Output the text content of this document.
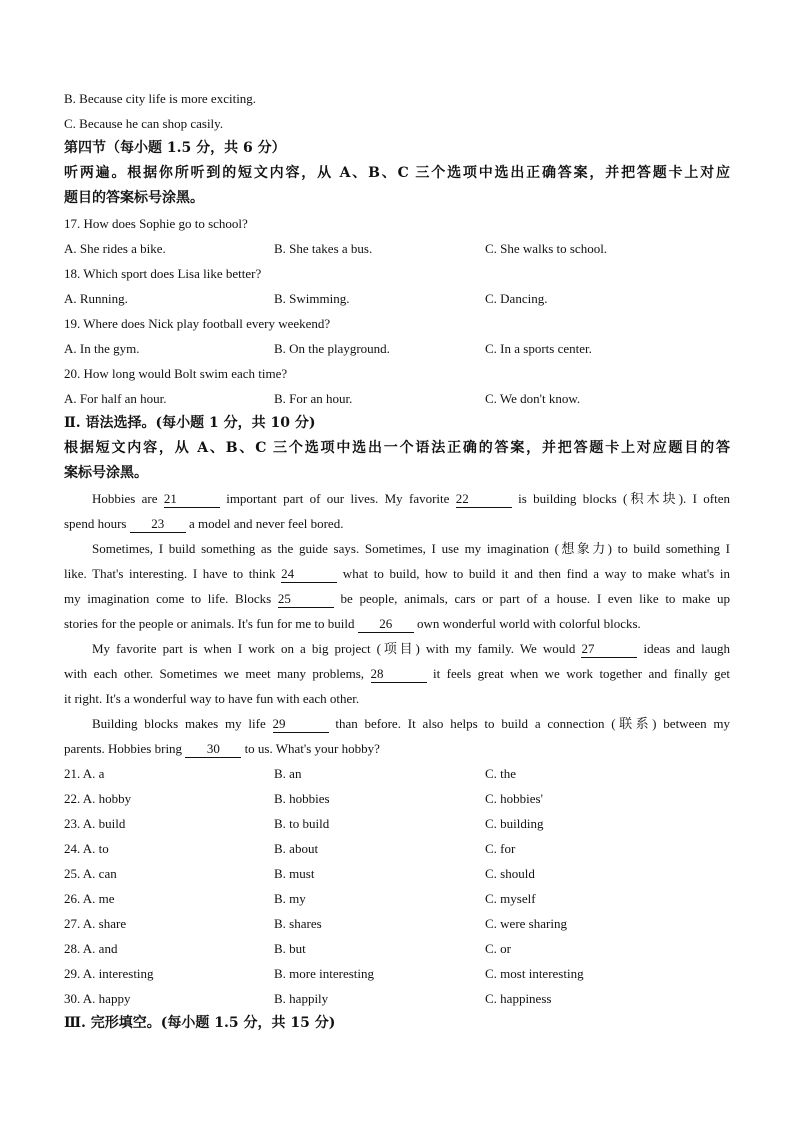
B. Because city life is more exciting.
C. Because he can shop casily.
第四节（每小题 1.5 分，共 6 分）
听两遍。根据你所听到的短文内容，从 A、B、C 三个选项中选出正确答案，并把答题卡上对应
题目的答案标号涂黑。
17. How does Sophie go to school?
A. She rides a bike.	B. She takes a bus.	C. She walks to school.
18. Which sport does Lisa like better?
A. Running.	B. Swimming.	C. Dancing.
19. Where does Nick play football every weekend?
A. In the gym.	B. On the playground.	C. In a sports center.
20. How long would Bolt swim each time?
A. For half an hour.	B. For an hour.	C. We don't know.
Ⅱ. 语法选择。(每小题 1 分，共 10 分)
根据短文内容，从 A、B、C 三个选项中选出一个语法正确的答案，并把答题卡上对应题目的答
案标号涂黑。
Hobbies are 21	important part of our lives. My favorite 22	is building blocks (积木块). I often
spend hours 23 a model and never feel bored.
Sometimes, I build something as the guide says. Sometimes, I use my imagination (想象力) to build something I
like. That's interesting. I have to think 24	what to build, how to build it and then find a way to make what's in
my imagination come to life. Blocks 25	be people, animals, cars or part of a house. I even like to make up
stories for the people or animals. It's fun for me to build 26 own wonderful world with colorful blocks.
My favorite part is when I work on a big project (项目) with my family. We would 27	ideas and laugh
with each other. Sometimes we meet many problems, 28	it feels great when we work together and finally get
it right. It's a wonderful way to have fun with each other.
Building blocks makes my life 29	than before. It also helps to build a connection (联系) between my
parents. Hobbies bring 30 to us. What's your hobby?
21. A. a	B. an	C. the
22. A. hobby	B. hobbies	C. hobbies'
23. A. build	B. to build	C. building
24. A. to	B. about	C. for
25. A. can	B. must	C. should
26. A. me	B. my	C. myself
27. A. share	B. shares	C. were sharing
28. A. and	B. but	C. or
29. A. interesting	B. more interesting	C. most interesting
30. A. happy	B. happily	C. happiness
Ⅲ. 完形填空。(每小题 1.5 分，共 15 分)
